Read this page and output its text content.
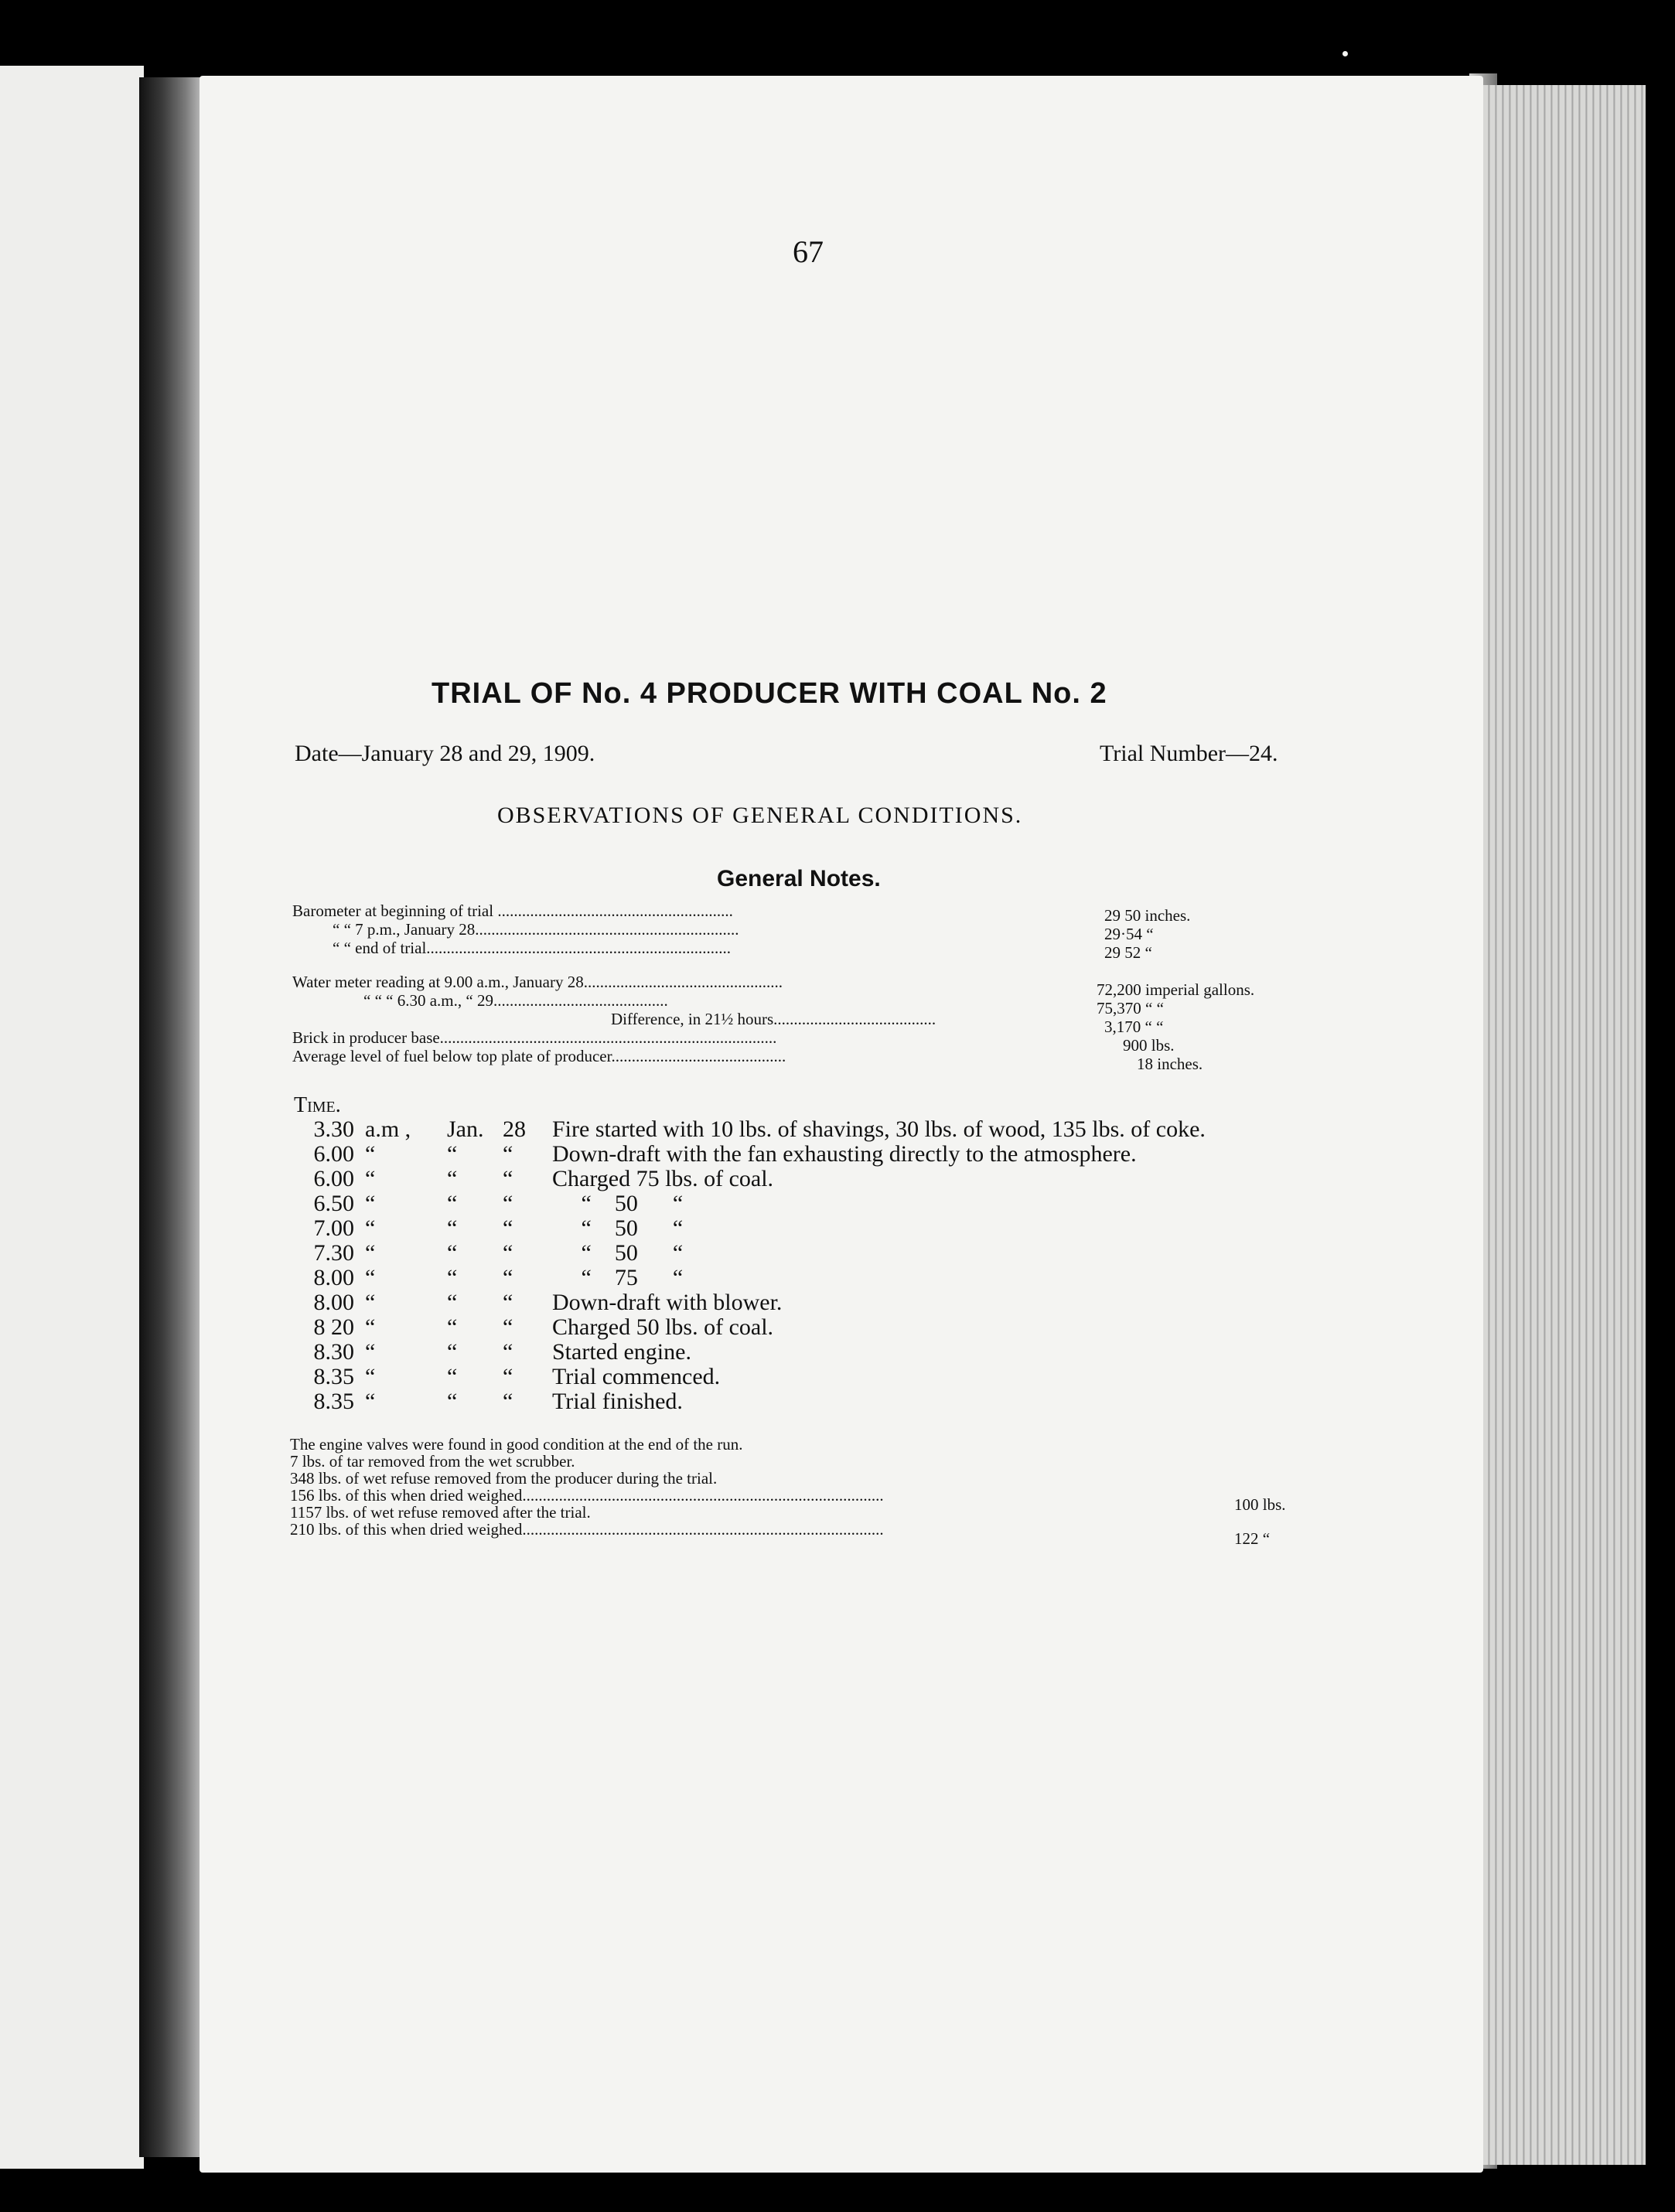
67
TRIAL OF No. 4 PRODUCER WITH COAL No. 2
Date—January 28 and 29, 1909.	Trial Number—24.
OBSERVATIONS OF GENERAL CONDITIONS.
General Notes.
Barometer at beginning of trial ..........................................................	29 50 inches.
“ “ 7 p.m., January 28.................................................................	29·54 “
“ “ end of trial...........................................................................	29 52 “
Water meter reading at 9.00 a.m., January 28.................................................	72,200 imperial gallons.
“ “ “ 6.30 a.m., “ 29...........................................	75,370 “ “
Difference, in 21½ hours........................................	3,170 “ “
Brick in producer base...................................................................................	900 lbs.
Average level of fuel below top plate of producer...........................................	18 inches.
Time.
3.30 a.m , Jan. 28 Fire started with 10 lbs. of shavings, 30 lbs. of wood, 135 lbs. of coke.
6.00 “	“ “ Down-draft with the fan exhausting directly to the atmosphere.
6.00 “	“ “ Charged 75 lbs. of coal.
6.50 “	“ “     “    50      “
7.00 “	“ “     “    50      “
7.30 “	“ “     “    50      “
8.00 “	“ “     “    75      “
8.00 “	“ “ Down-draft with blower.
8 20 “	“ “ Charged 50 lbs. of coal.
8.30 “	“ “ Started engine.
8.35 “	“ “ Trial commenced.
8.35 “	“ “ Trial finished.
The engine valves were found in good condition at the end of the run.
7 lbs. of tar removed from the wet scrubber.
348 lbs. of wet refuse removed from the producer during the trial.
156 lbs. of this when dried weighed.........................................................................................	100 lbs.
1157 lbs. of wet refuse removed after the trial.
210 lbs. of this when dried weighed.........................................................................................	122 “
